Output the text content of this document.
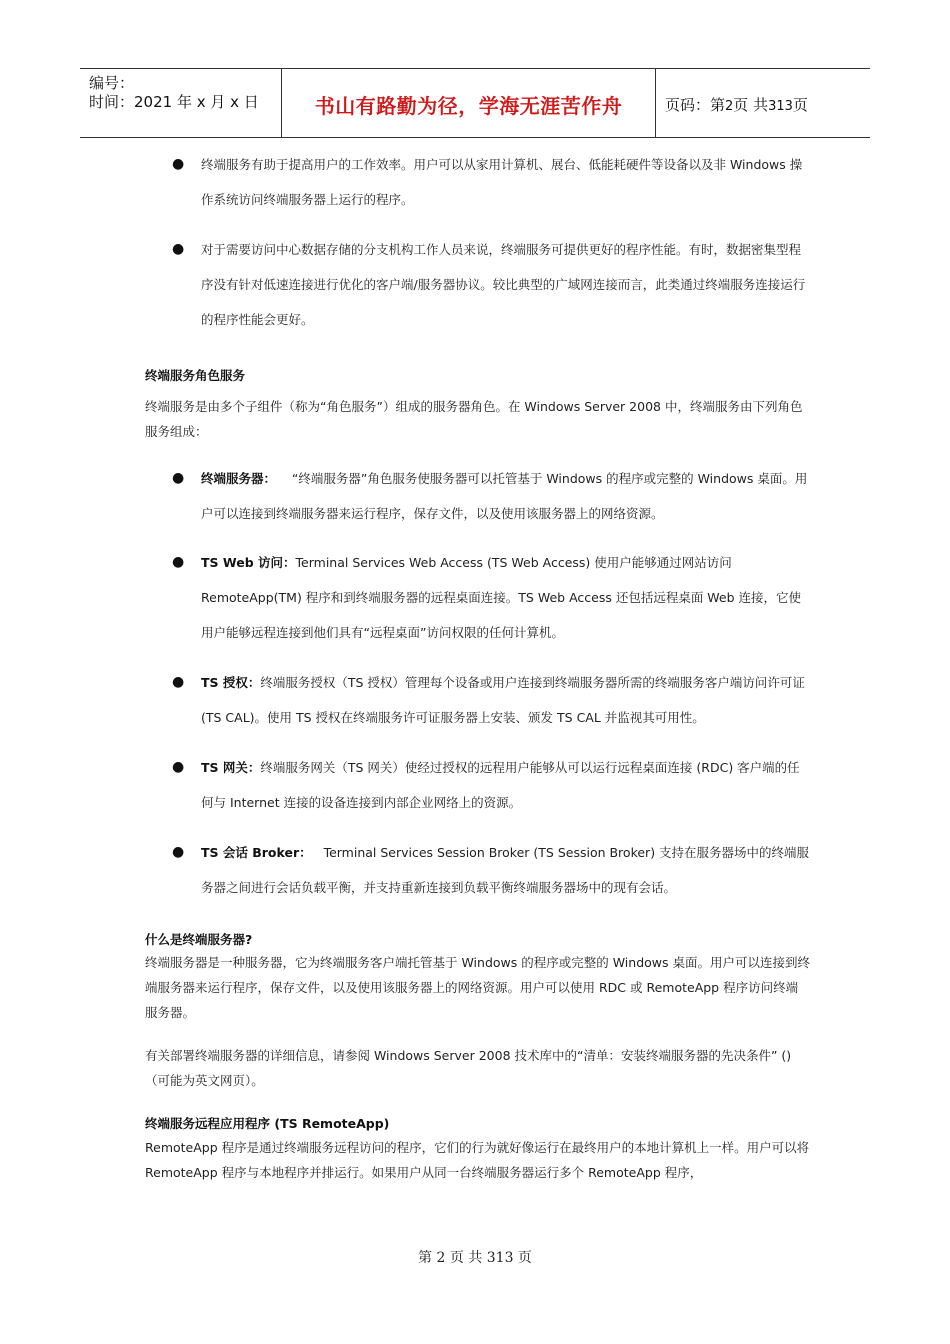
编号：
时间：2021 年 x 月 x 日	书山有路勤为径，学海无涯苦作舟	页码：第2页 共313页
● 终端服务有助于提高用户的工作效率。用户可以从家用计算机、展台、低能耗硬件等设备以及非 Windows 操作系统访问终端服务器上运行的程序。
● 对于需要访问中心数据存储的分支机构工作人员来说，终端服务可提供更好的程序性能。有时，数据密集型程序没有针对低速连接进行优化的客户端/服务器协议。较比典型的广域网连接而言，此类通过终端服务连接运行的程序性能会更好。
终端服务角色服务
终端服务是由多个子组件（称为“角色服务”）组成的服务器角色。在 Windows Server 2008 中，终端服务由下列角色服务组成：
● 终端服务器： “终端服务器”角色服务使服务器可以托管基于 Windows 的程序或完整的 Windows 桌面。用户可以连接到终端服务器来运行程序，保存文件，以及使用该服务器上的网络资源。
● TS Web 访问：Terminal Services Web Access (TS Web Access) 使用户能够通过网站访问 RemoteApp(TM) 程序和到终端服务器的远程桌面连接。TS Web Access 还包括远程桌面 Web 连接，它使用户能够远程连接到他们具有“远程桌面”访问权限的任何计算机。
● TS 授权：终端服务授权（TS 授权）管理每个设备或用户连接到终端服务器所需的终端服务客户端访问许可证 (TS CAL)。使用 TS 授权在终端服务许可证服务器上安装、颁发 TS CAL 并监视其可用性。
● TS 网关：终端服务网关（TS 网关）使经过授权的远程用户能够从可以运行远程桌面连接 (RDC) 客户端的任何与 Internet 连接的设备连接到内部企业网络上的资源。
● TS 会话 Broker： Terminal Services Session Broker (TS Session Broker) 支持在服务器场中的终端服务器之间进行会话负载平衡，并支持重新连接到负载平衡终端服务器场中的现有会话。
什么是终端服务器?
终端服务器是一种服务器，它为终端服务客户端托管基于 Windows 的程序或完整的 Windows 桌面。用户可以连接到终端服务器来运行程序，保存文件，以及使用该服务器上的网络资源。用户可以使用 RDC 或 RemoteApp 程序访问终端服务器。
有关部署终端服务器的详细信息，请参阅 Windows Server 2008 技术库中的“清单：安装终端服务器的先决条件” ()（可能为英文网页）。
终端服务远程应用程序 (TS RemoteApp)
RemoteApp 程序是通过终端服务远程访问的程序，它们的行为就好像运行在最终用户的本地计算机上一样。用户可以将 RemoteApp 程序与本地程序并排运行。如果用户从同一台终端服务器运行多个 RemoteApp 程序，
第 2 页 共 313 页
